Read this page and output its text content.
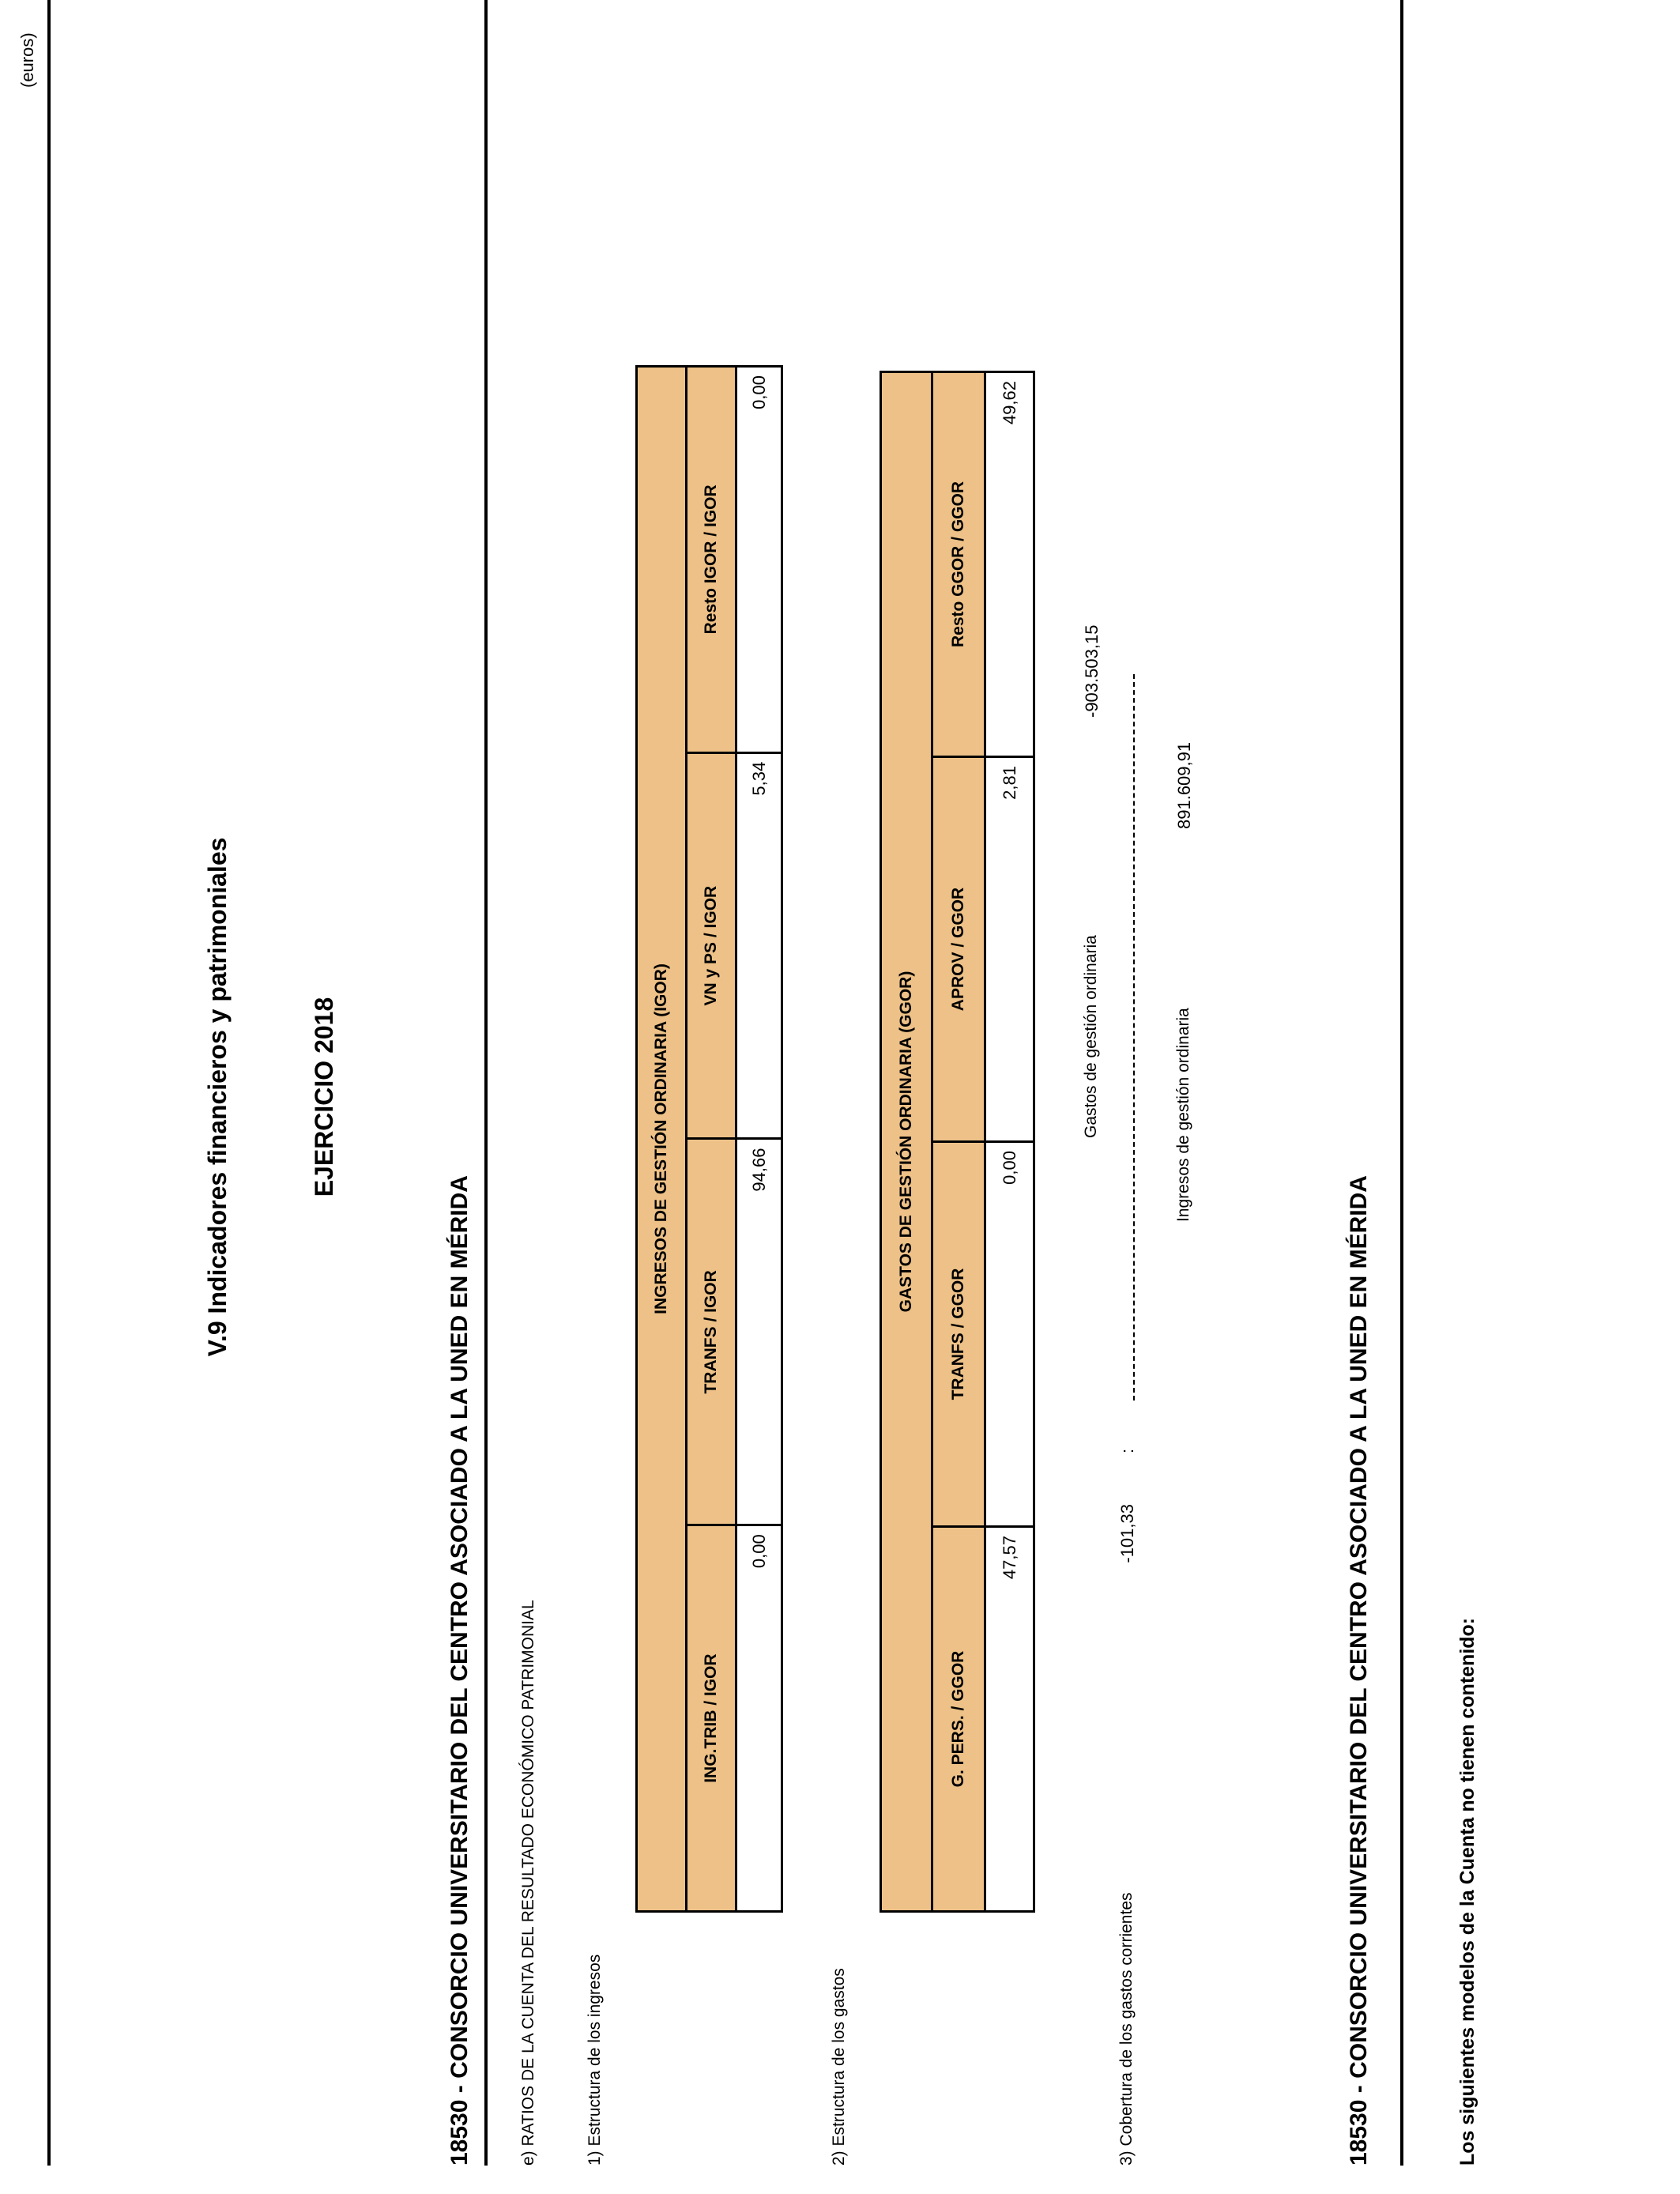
(euros)
V.9 Indicadores financieros y patrimoniales	EJERCICIO 2018
18530 - CONSORCIO UNIVERSITARIO DEL CENTRO ASOCIADO A LA UNED EN MÉRIDA	e) RATIOS DE LA CUENTA DEL RESULTADO ECONÓMICO PATRIMONIAL	1) Estructura de los ingresos
INGRESOS DE GESTIÓN ORDINARIA (IGOR)			
ING.TRIB / IGOR	TRANFS / IGOR	VN y PS / IGOR	Resto IGOR / IGOR
0,00	94,66	5,34	0,00
2) Estructura de los gastos
GASTOS DE GESTIÓN ORDINARIA (GGOR)			
G. PERS. / GGOR	TRANFS / GGOR	APROV / GGOR	Resto GGOR / GGOR
47,57	0,00	2,81	49,62
3) Cobertura de los gastos corrientes
-101,33
:
Gastos de gestión ordinaria
-903.503,15
Ingresos de gestión ordinaria
891.609,91
18530 - CONSORCIO UNIVERSITARIO DEL CENTRO ASOCIADO A LA UNED EN MÉRIDA	Los siguientes modelos de la Cuenta no tienen contenido:
